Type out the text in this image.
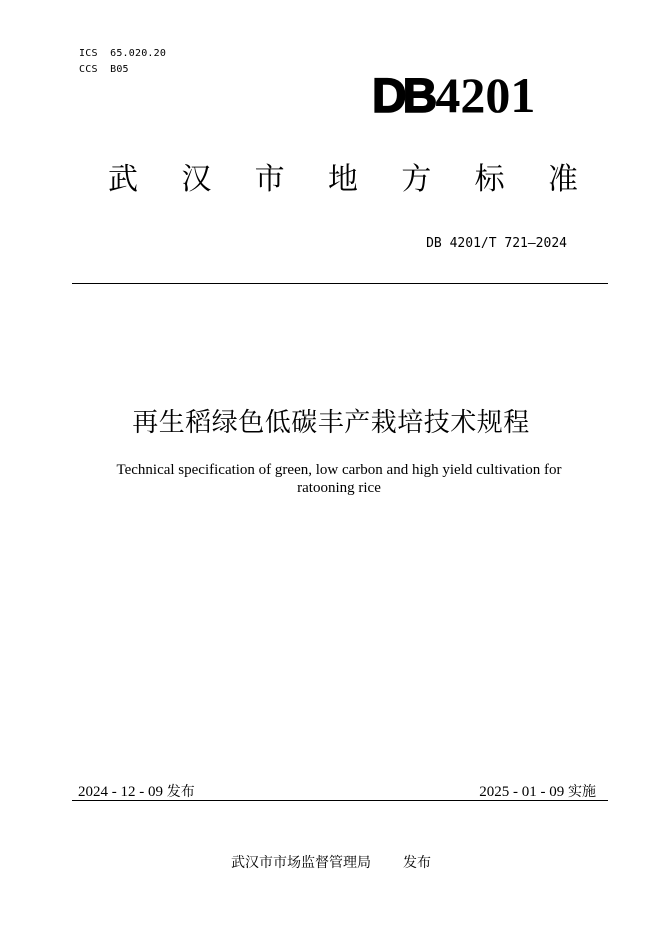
ICS  65.020.20
CCS  B05
DB 4201
武 汉 市 地 方 标 准
DB 4201/T 721—2024
再生稻绿色低碳丰产栽培技术规程
Technical specification of green, low carbon and high yield cultivation for
ratooning rice
2024 - 12 - 09 发布	2025 - 01 - 09 实施
武汉市市场监督管理局 发布
